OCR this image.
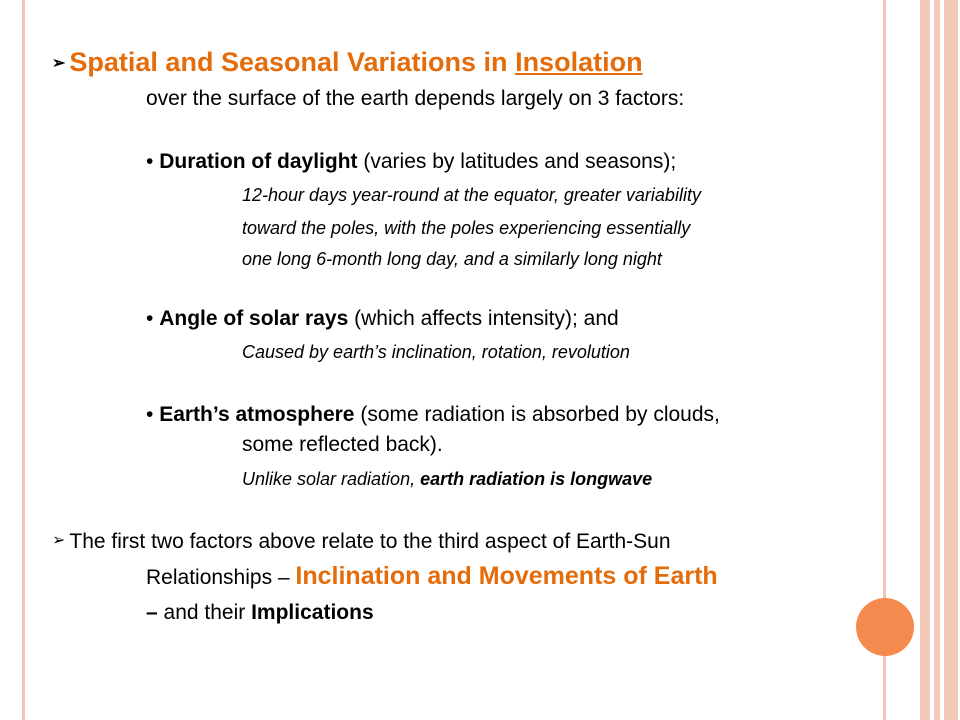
➢ Spatial and Seasonal Variations in Insolation
over the surface of the earth depends largely on 3 factors:
• Duration of daylight (varies by latitudes and seasons);
12-hour days year-round at the equator, greater variability
toward the poles, with the poles experiencing essentially
one long 6-month long day, and a similarly long night
• Angle of solar rays (which affects intensity); and
Caused by earth’s inclination, rotation, revolution
• Earth’s atmosphere (some radiation is absorbed by clouds,
some reflected back).
Unlike solar radiation, earth radiation is longwave
➢ The first two factors above relate to the third aspect of Earth-Sun
Relationships – Inclination and Movements of Earth
– and their Implications
